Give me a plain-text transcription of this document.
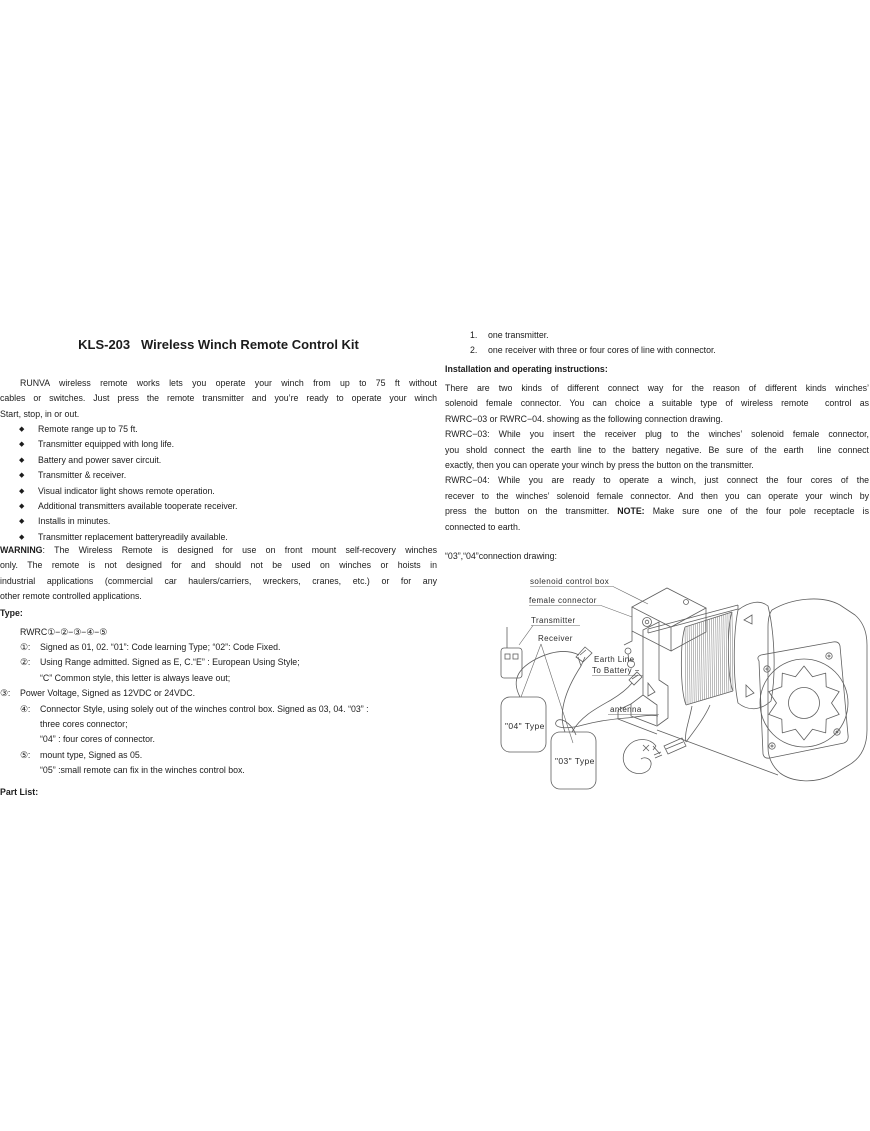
KLS-203   Wireless Winch Remote Control Kit
RUNVA wireless remote works lets you operate your winch from up to 75 ft without
cables or switches. Just press the remote transmitter and you’re ready to operate your winch
Start, stop, in or out.
◆ Remote range up to 75 ft.
◆ Transmitter equipped with long life.
◆ Battery and power saver circuit.
◆ Transmitter & receiver.
◆ Visual indicator light shows remote operation.
◆ Additional transmitters available tooperate receiver.
◆ Installs in minutes.
◆ Transmitter replacement batteryreadily available.
WARNING: The Wireless Remote is designed for use on front mount self-recovery winches
only. The remote is not designed for and should not be used on winches or hoists in
industrial applications (commercial car haulers/carriers, wreckers, cranes, etc.) or for any
other remote controlled applications.
Type:
RWRC①−②−③−④−⑤
①: Signed as 01, 02. “01”: Code learning Type; “02”: Code Fixed.
②: Using Range admitted. Signed as E, C.“E” : European Using Style;
“C” Common style, this letter is always leave out;
③: Power Voltage, Signed as 12VDC or 24VDC.
④: Connector Style, using solely out of the winches control box. Signed as 03, 04. “03” :
three cores connector;
“04” : four cores of connector.
⑤: mount type, Signed as 05.
“05” :small remote can fix in the winches control box.
Part List:
1. one transmitter.
2. one receiver with three or four cores of line with connector.
Installation and operating instructions:
There are two kinds of different connect way for the reason of different kinds winches’
solenoid female connector. You can choice a suitable type of wireless remote  control as
RWRC−03 or RWRC−04. showing as the following connection drawing.
RWRC−03: While you insert the receiver plug to the winches’ solenoid female connector,
you shold connect the earth line to the battery negative. Be sure of the earth  line connect
exactly, then you can operate your winch by press the button on the transmitter.
RWRC−04: While you are ready to operate a winch, just connect the four cores of the
recever to the winches’ solenoid female connector. And then you can operate your winch by
press the button on the transmitter. NOTE: Make sure one of the four pole receptacle is
connected to earth.
“03”,“04”connection drawing:
solenoid control box
female connector
Transmitter
Receiver
Earth Line
To Battery −
antenna
"04" Type
"03" Type
